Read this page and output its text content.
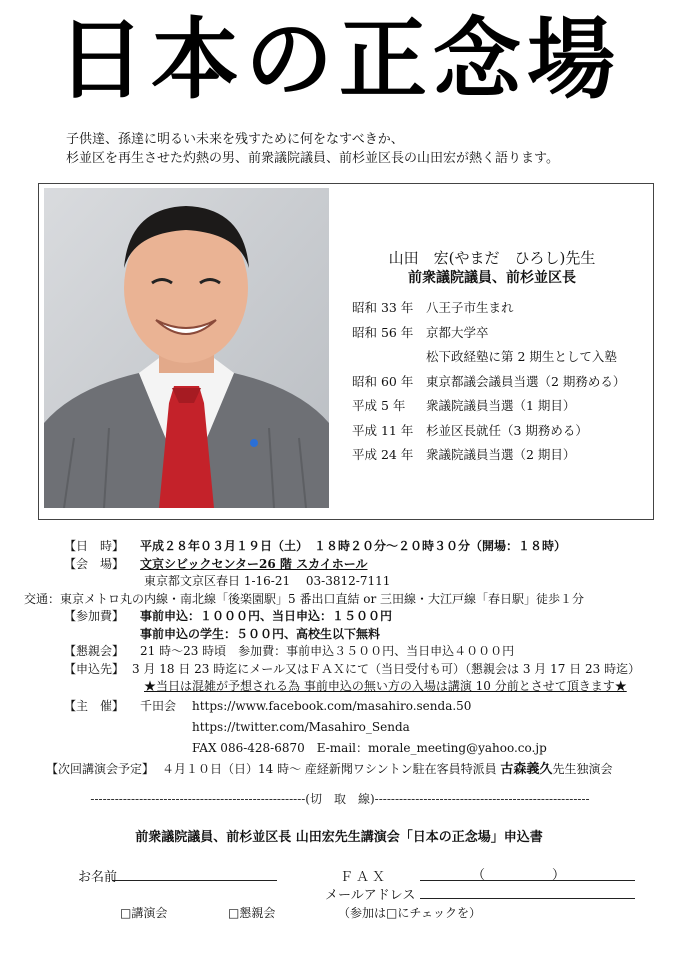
日本の正念場
子供達、孫達に明るい未来を残すために何をなすべきか、
杉並区を再生させた灼熱の男、前衆議院議員、前杉並区長の山田宏が熱く語ります。
山田　宏(やまだ　ひろし)先生
前衆議院議員、前杉並区長
昭和 33 年	八王子市生まれ
昭和 56 年	京都大学卒
松下政経塾に第 2 期生として入塾
昭和 60 年	東京都議会議員当選（2 期務める）
平成 5 年	衆議院議員当選（1 期目）
平成 11 年	杉並区長就任（3 期務める）
平成 24 年	衆議院議員当選（2 期目）
【日　時】 平成２８年０３月１９日（土）　１８時２０分～２０時３０分（開場：１８時）
【会　場】 文京シビックセンター26 階 スカイホール
東京都文京区春日 1-16-21　 03-3812-7111
交通：東京メトロ丸の内線・南北線「後楽園駅」5 番出口直結 or 三田線・大江戸線「春日駅」徒歩１分
【参加費】 事前申込：１０００円、当日申込：１５００円
事前申込の学生：５００円、高校生以下無料
【懇親会】 21 時～23 時頃　参加費：事前申込３５００円、当日申込４０００円
【申込先】 3 月 18 日 23 時迄にメール又はＦＡＸにて（当日受付も可）（懇親会は 3 月 17 日 23 時迄）
★当日は混雑が予想される為 事前申込の無い方の入場は講演 10 分前とさせて頂きます★
【主　催】 千田会 https://www.facebook.com/masahiro.senda.50
https://twitter.com/Masahiro_Senda
FAX 086-428-6870　E-mail：morale_meeting@yahoo.co.jp
【次回講演会予定】 ４月１０日（日）14 時～ 産経新聞ワシントン駐在客員特派員 古森義久先生独演会
-----------------------------------------------------(切　取　線)-----------------------------------------------------
前衆議院議員、前杉並区長 山田宏先生講演会「日本の正念場」申込書
お名前	ＦＡＸ	（	）
メールアドレス
□講演会	□懇親会	（参加は□にチェックを）
